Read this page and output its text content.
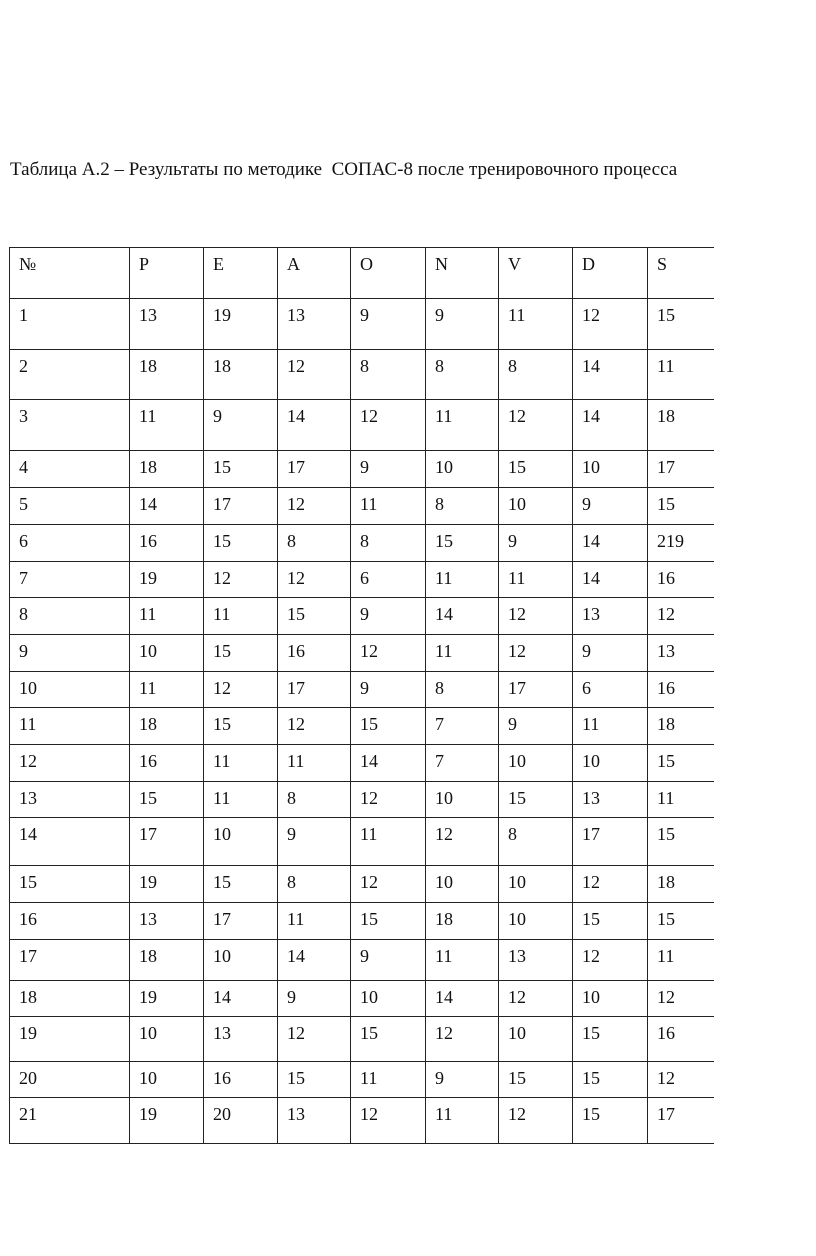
Таблица А.2 – Результаты по методике  СОПАС-8 после тренировочного процесса
№	P	E	A	O	N	V	D	S
1	13	19	13	9	9	11	12	15
2	18	18	12	8	8	8	14	11
3	11	9	14	12	11	12	14	18
4	18	15	17	9	10	15	10	17
5	14	17	12	11	8	10	9	15
6	16	15	8	8	15	9	14	219
7	19	12	12	6	11	11	14	16
8	11	11	15	9	14	12	13	12
9	10	15	16	12	11	12	9	13
10	11	12	17	9	8	17	6	16
11	18	15	12	15	7	9	11	18
12	16	11	11	14	7	10	10	15
13	15	11	8	12	10	15	13	11
14	17	10	9	11	12	8	17	15
15	19	15	8	12	10	10	12	18
16	13	17	11	15	18	10	15	15
17	18	10	14	9	11	13	12	11
18	19	14	9	10	14	12	10	12
19	10	13	12	15	12	10	15	16
20	10	16	15	11	9	15	15	12
21	19	20	13	12	11	12	15	17
